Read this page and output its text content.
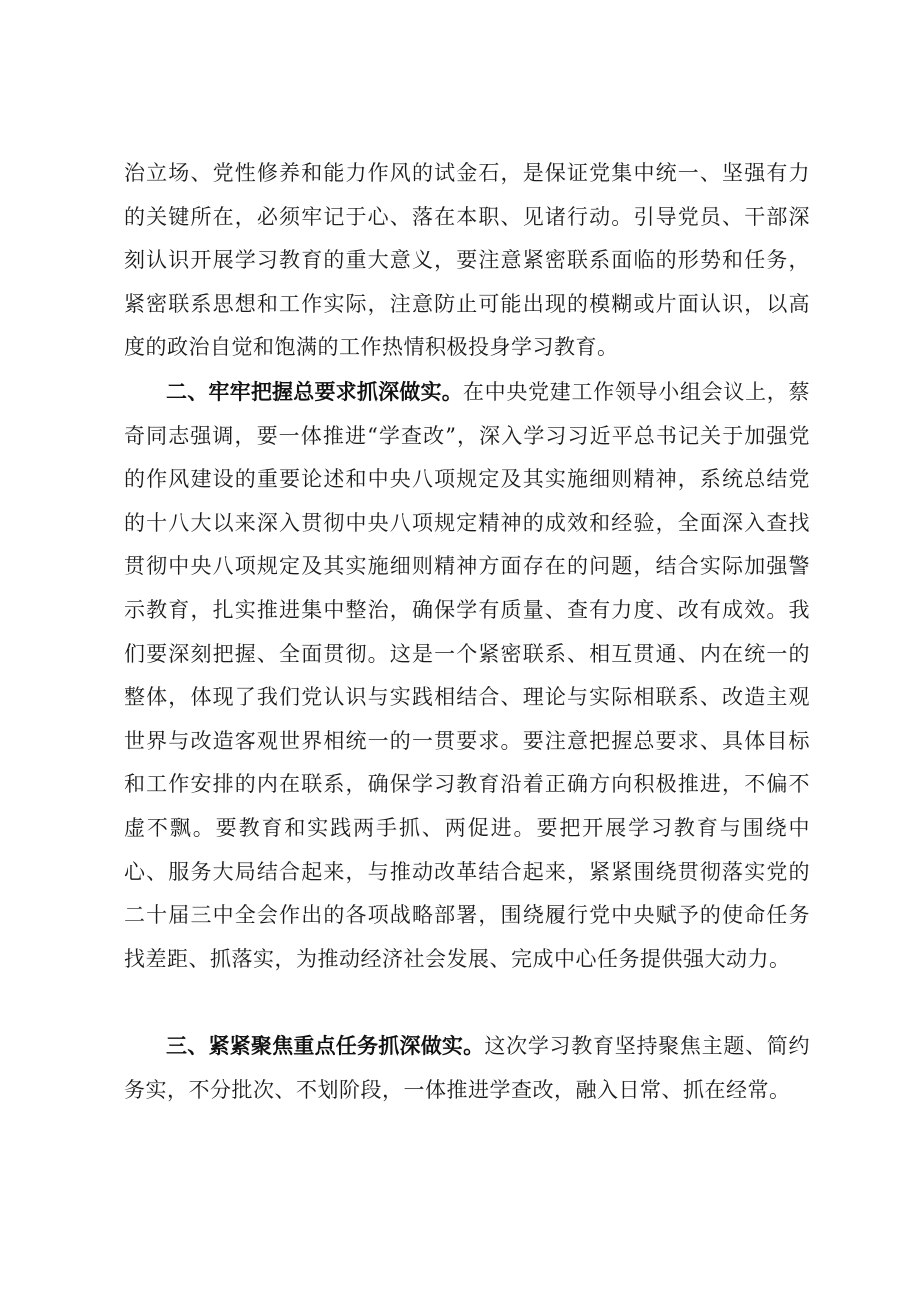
治立场、党性修养和能力作风的试金石，是保证党集中统一、坚强有力的关键所在，必须牢记于心、落在本职、见诸行动。引导党员、干部深刻认识开展学习教育的重大意义，要注意紧密联系面临的形势和任务，紧密联系思想和工作实际，注意防止可能出现的模糊或片面认识，以高度的政治自觉和饱满的工作热情积极投身学习教育。

二、牢牢把握总要求抓深做实。在中央党建工作领导小组会议上，蔡奇同志强调，要一体推进“学查改”，深入学习习近平总书记关于加强党的作风建设的重要论述和中央八项规定及其实施细则精神，系统总结党的十八大以来深入贯彻中央八项规定精神的成效和经验，全面深入查找贯彻中央八项规定及其实施细则精神方面存在的问题，结合实际加强警示教育，扎实推进集中整治，确保学有质量、查有力度、改有成效。我们要深刻把握、全面贯彻。这是一个紧密联系、相互贯通、内在统一的整体，体现了我们党认识与实践相结合、理论与实际相联系、改造主观世界与改造客观世界相统一的一贯要求。要注意把握总要求、具体目标和工作安排的内在联系，确保学习教育沿着正确方向积极推进，不偏不虚不飘。要教育和实践两手抓、两促进。要把开展学习教育与围绕中心、服务大局结合起来，与推动改革结合起来，紧紧围绕贯彻落实党的二十届三中全会作出的各项战略部署，围绕履行党中央赋予的使命任务找差距、抓落实，为推动经济社会发展、完成中心任务提供强大动力。

三、紧紧聚焦重点任务抓深做实。这次学习教育坚持聚焦主题、简约务实，不分批次、不划阶段，一体推进学查改，融入日常、抓在经常。
